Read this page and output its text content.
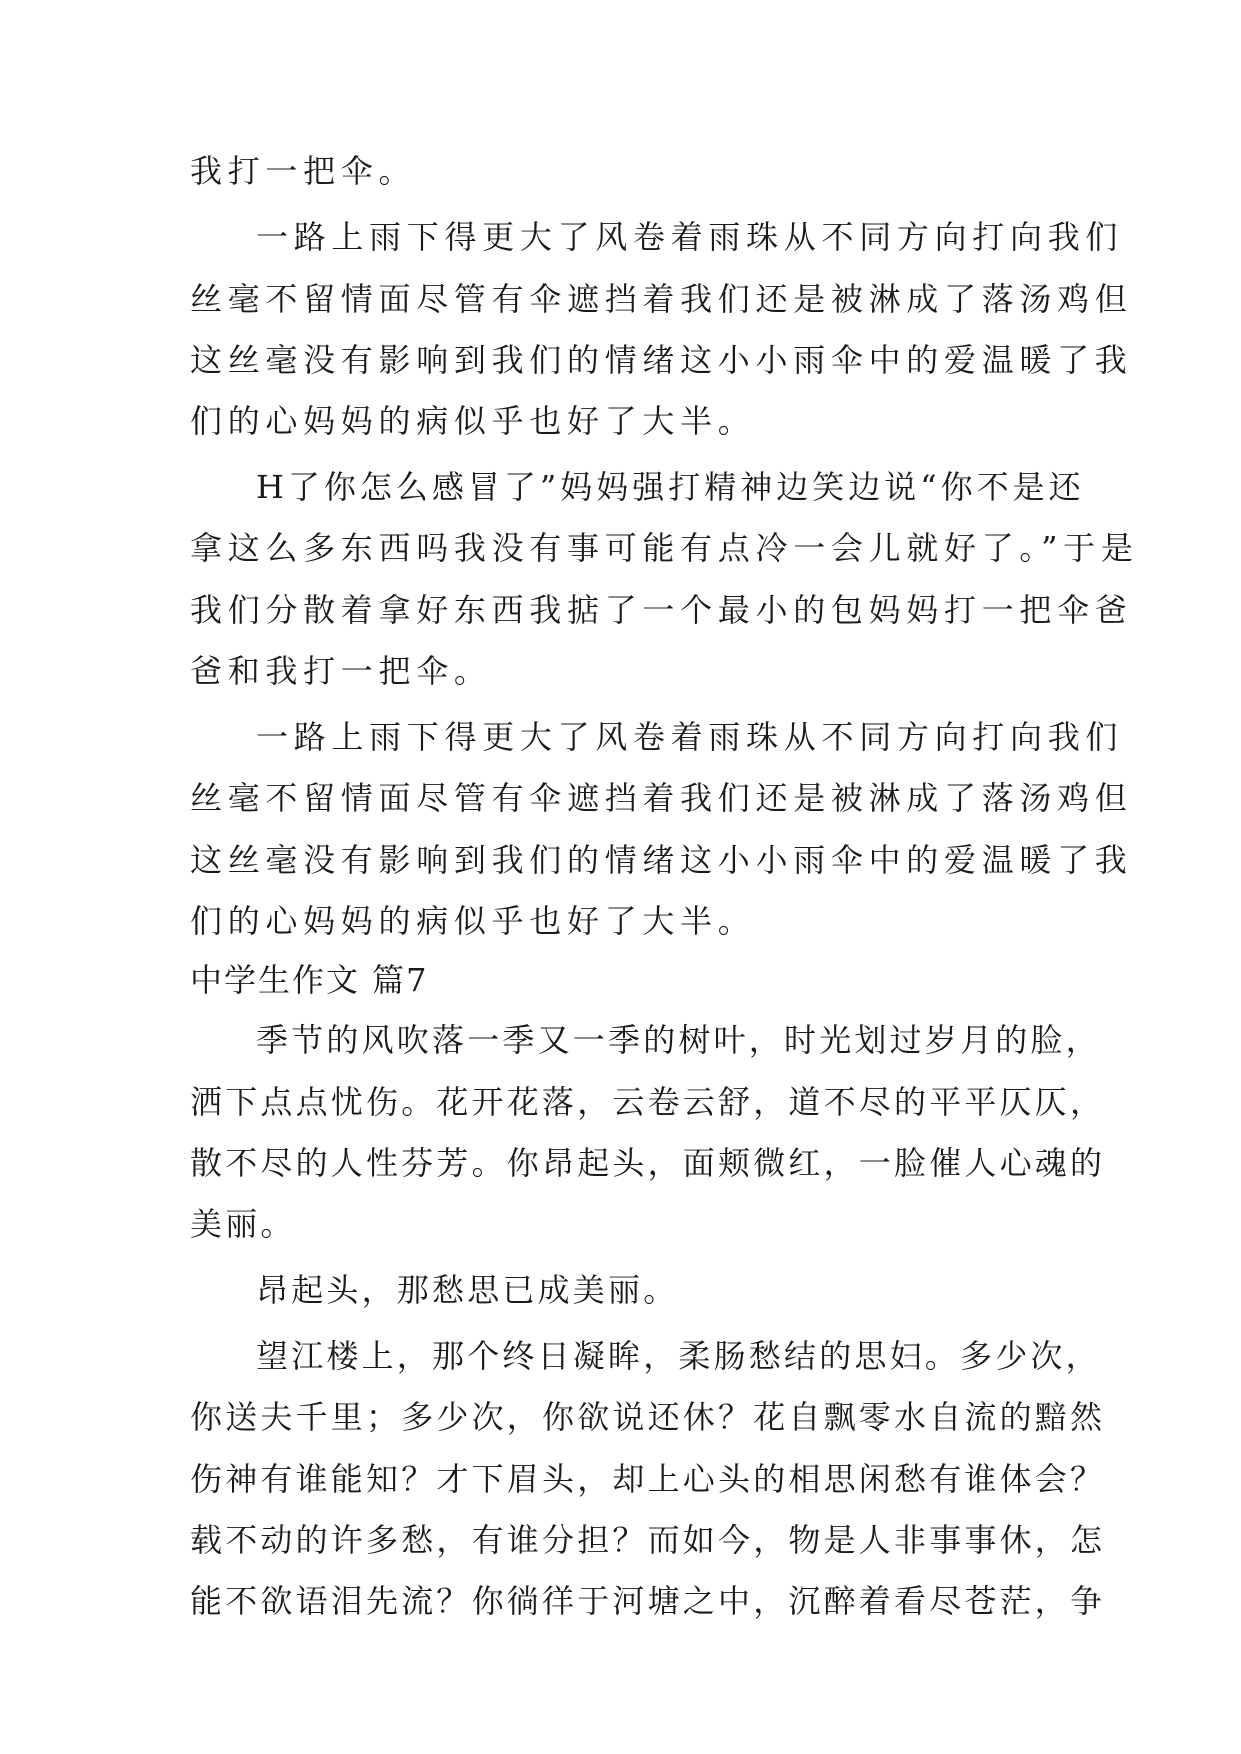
我打一把伞。
一路上雨下得更大了风卷着雨珠从不同方向打向我们
丝毫不留情面尽管有伞遮挡着我们还是被淋成了落汤鸡但
这丝毫没有影响到我们的情绪这小小雨伞中的爱温暖了我
们的心妈妈的病似乎也好了大半。
H了你怎么感冒了”妈妈强打精神边笑边说“你不是还
拿这么多东西吗我没有事可能有点冷一会儿就好了。”于是
我们分散着拿好东西我掂了一个最小的包妈妈打一把伞爸
爸和我打一把伞。
一路上雨下得更大了风卷着雨珠从不同方向打向我们
丝毫不留情面尽管有伞遮挡着我们还是被淋成了落汤鸡但
这丝毫没有影响到我们的情绪这小小雨伞中的爱温暖了我
们的心妈妈的病似乎也好了大半。
中学生作文 篇7
季节的风吹落一季又一季的树叶，时光划过岁月的脸，
洒下点点忧伤。花开花落，云卷云舒，道不尽的平平仄仄，
散不尽的人性芬芳。你昂起头，面颊微红，一脸催人心魂的
美丽。
昂起头，那愁思已成美丽。
望江楼上，那个终日凝眸，柔肠愁结的思妇。多少次，
你送夫千里；多少次，你欲说还休？花自飘零水自流的黯然
伤神有谁能知？才下眉头，却上心头的相思闲愁有谁体会？
载不动的许多愁，有谁分担？而如今，物是人非事事休，怎
能不欲语泪先流？你徜徉于河塘之中，沉醉着看尽苍茫，争
